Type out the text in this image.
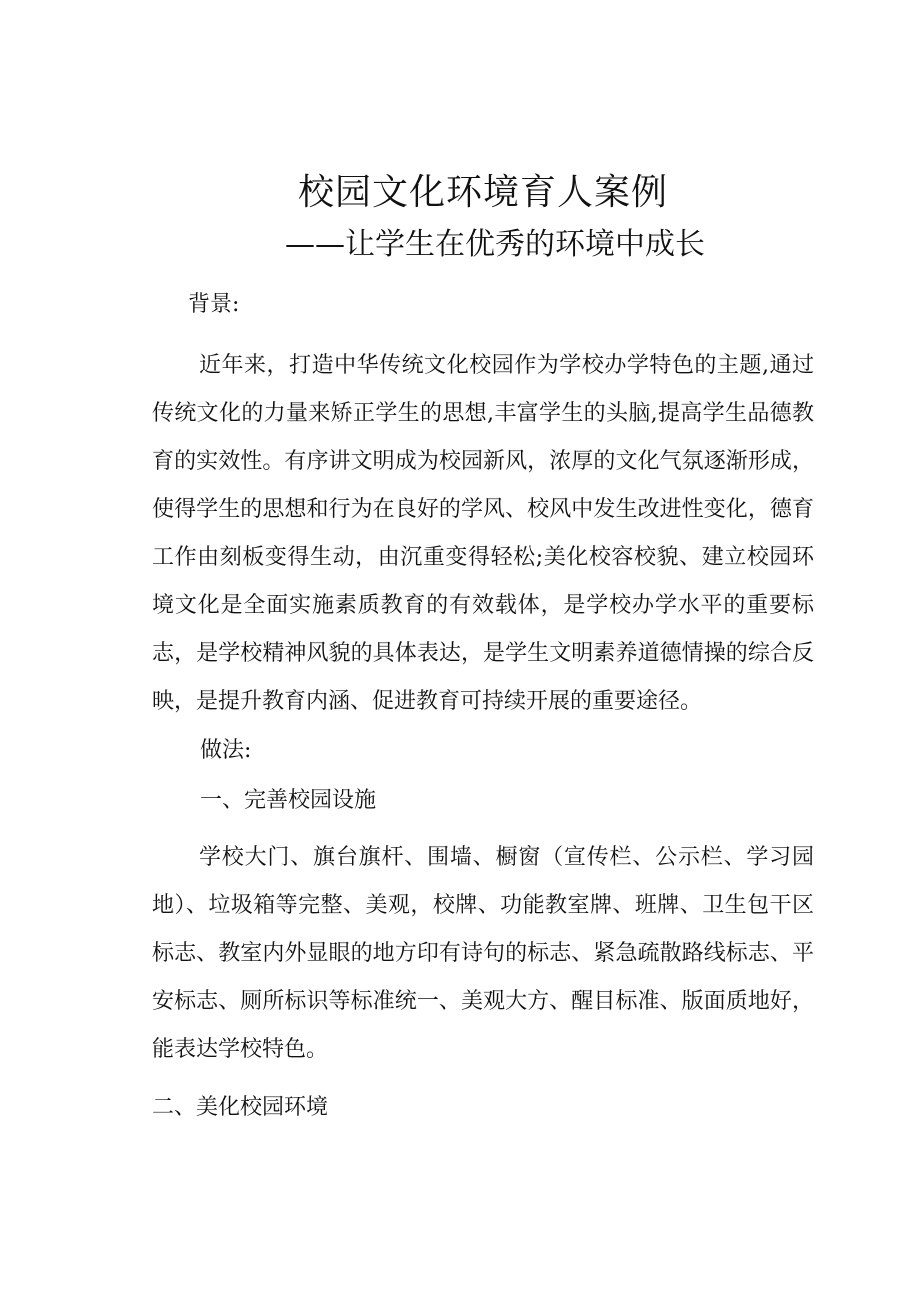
校园文化环境育人案例
——让学生在优秀的环境中成长

背景:

近年来，打造中华传统文化校园作为学校办学特色的主题,通过传统文化的力量来矫正学生的思想,丰富学生的头脑,提高学生品德教育的实效性。有序讲文明成为校园新风，浓厚的文化气氛逐渐形成，使得学生的思想和行为在良好的学风、校风中发生改进性变化，德育工作由刻板变得生动，由沉重变得轻松;美化校容校貌、建立校园环境文化是全面实施素质教育的有效载体，是学校办学水平的重要标志，是学校精神风貌的具体表达，是学生文明素养道德情操的综合反映，是提升教育内涵、促进教育可持续开展的重要途径。

做法:

一、完善校园设施

学校大门、旗台旗杆、围墙、橱窗（宣传栏、公示栏、学习园地）、垃圾箱等完整、美观，校牌、功能教室牌、班牌、卫生包干区标志、教室内外显眼的地方印有诗句的标志、紧急疏散路线标志、平安标志、厕所标识等标准统一、美观大方、醒目标准、版面质地好，能表达学校特色。

二、美化校园环境
